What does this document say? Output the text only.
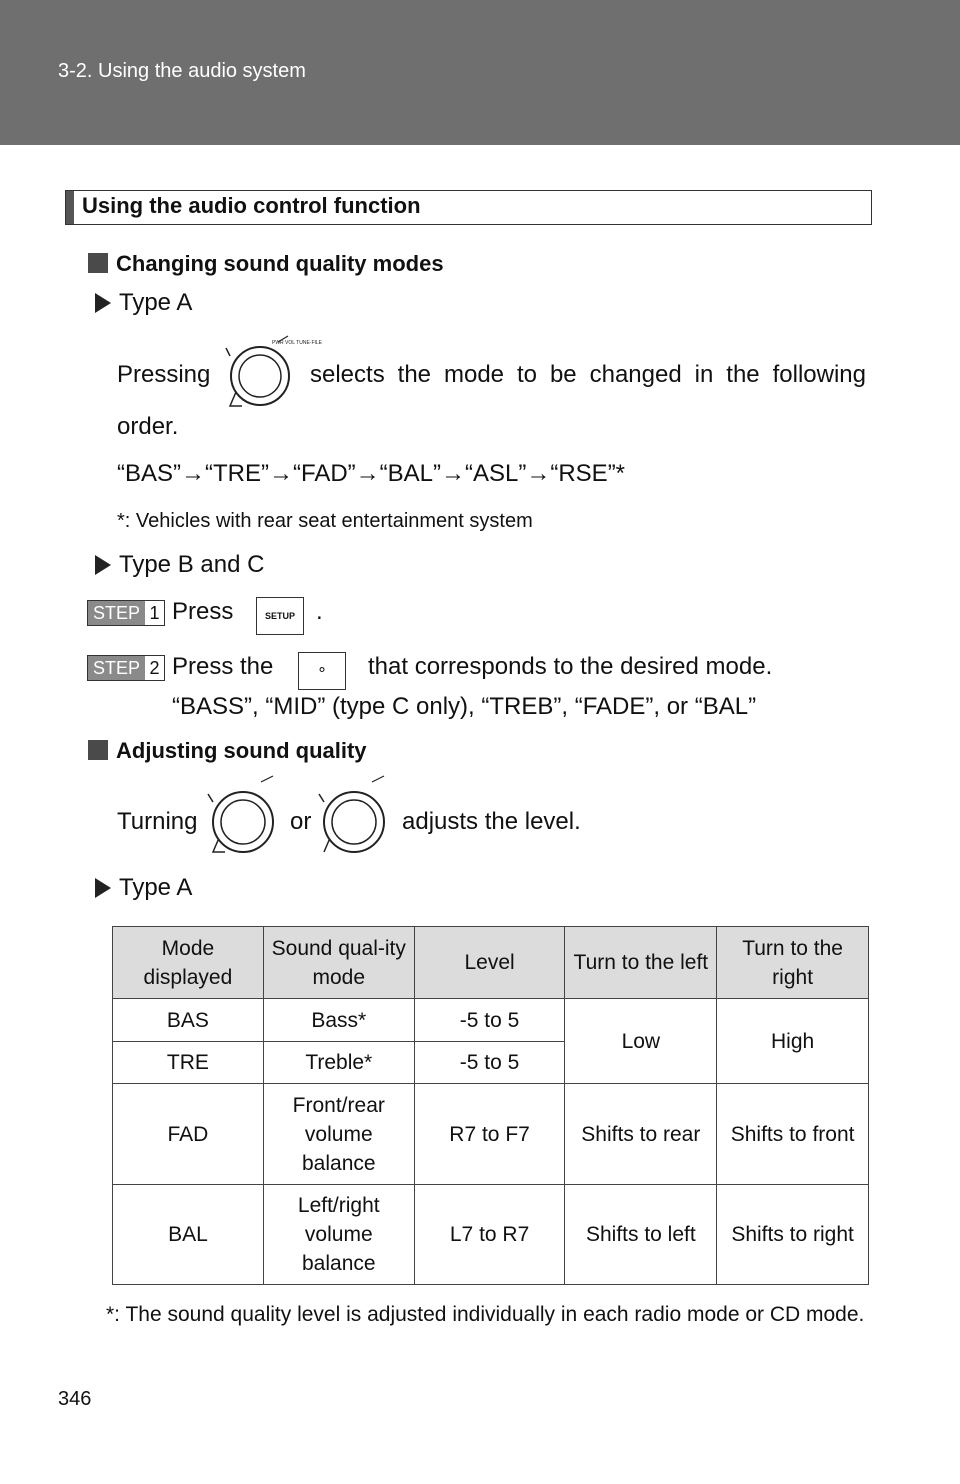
3-2. Using the audio system
Using the audio control function
Changing sound quality modes
Type A
Pressing
PWR VOL TUNE·FILE
selects the mode to be changed in the following
order.
“BAS”→“TRE”→“FAD”→“BAL”→“ASL”→“RSE”*
*: Vehicles with rear seat entertainment system
Type B and C
STEP 1 Press	SETUP .
STEP 2 Press the	∘	that corresponds to the desired mode.
“BASS”, “MID” (type C only), “TREB”, “FADE”, or “BAL”
Adjusting sound quality
Turning	or	adjusts the level.
Type A
Mode displayed	Sound qual-ity mode	Level	Turn to the left	Turn to the right
BAS	Bass*	-5 to 5	Low	High
TRE	Treble*	-5 to 5		
FAD	Front/rear volume balance	R7 to F7	Shifts to rear	Shifts to front
BAL	Left/right volume balance	L7 to R7	Shifts to left	Shifts to right
*: The sound quality level is adjusted individually in each radio mode or CD mode.
346
